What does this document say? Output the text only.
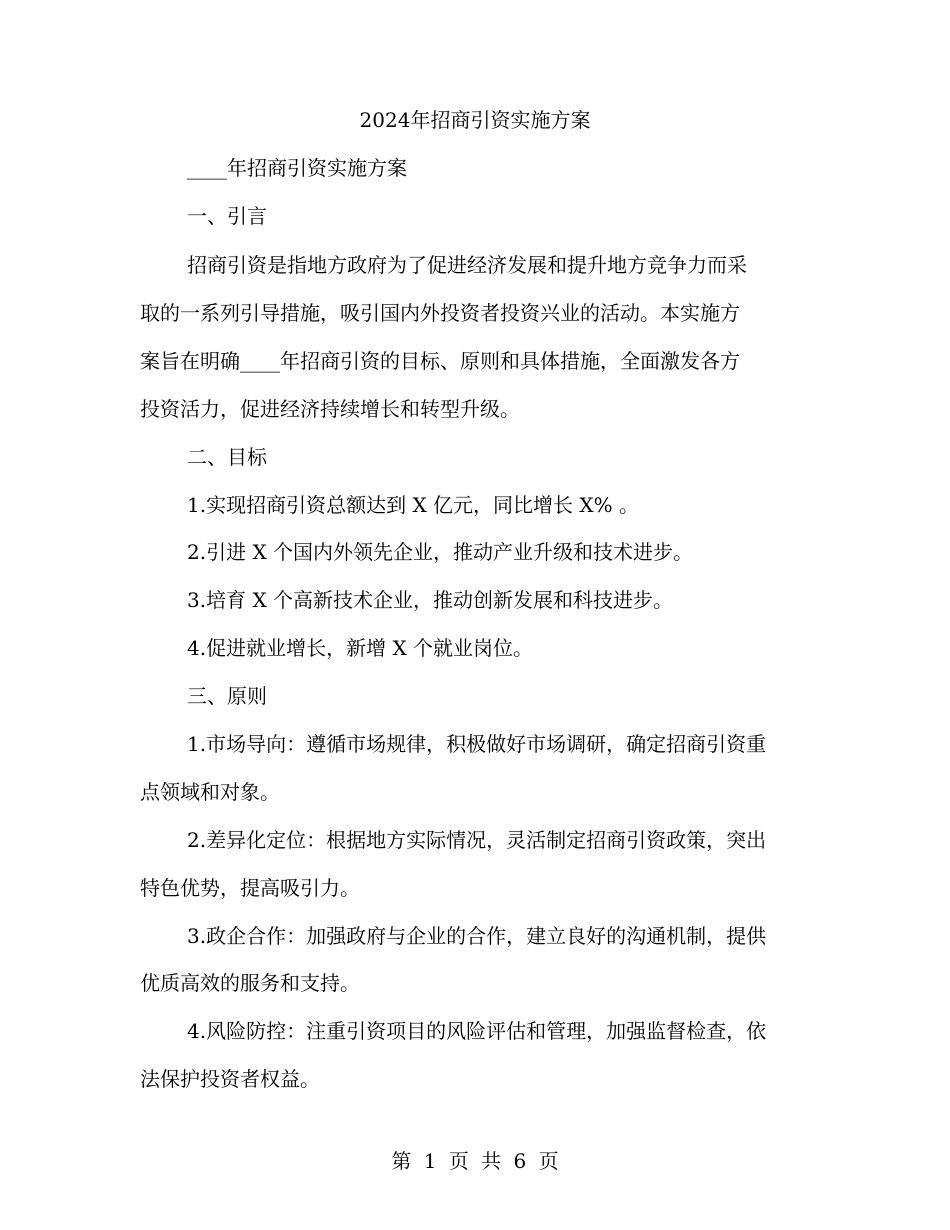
2024年招商引资实施方案
____年招商引资实施方案
一、引言
招商引资是指地方政府为了促进经济发展和提升地方竞争力而采
取的一系列引导措施，吸引国内外投资者投资兴业的活动。本实施方
案旨在明确____年招商引资的目标、原则和具体措施，全面激发各方
投资活力，促进经济持续增长和转型升级。
二、目标
1.实现招商引资总额达到 X 亿元，同比增长 X% 。
2.引进 X 个国内外领先企业，推动产业升级和技术进步。
3.培育 X 个高新技术企业，推动创新发展和科技进步。
4.促进就业增长，新增 X 个就业岗位。
三、原则
1.市场导向：遵循市场规律，积极做好市场调研，确定招商引资重
点领域和对象。
2.差异化定位：根据地方实际情况，灵活制定招商引资政策，突出
特色优势，提高吸引力。
3.政企合作：加强政府与企业的合作，建立良好的沟通机制，提供
优质高效的服务和支持。
4.风险防控：注重引资项目的风险评估和管理，加强监督检查，依
法保护投资者权益。
第 1 页 共 6 页
